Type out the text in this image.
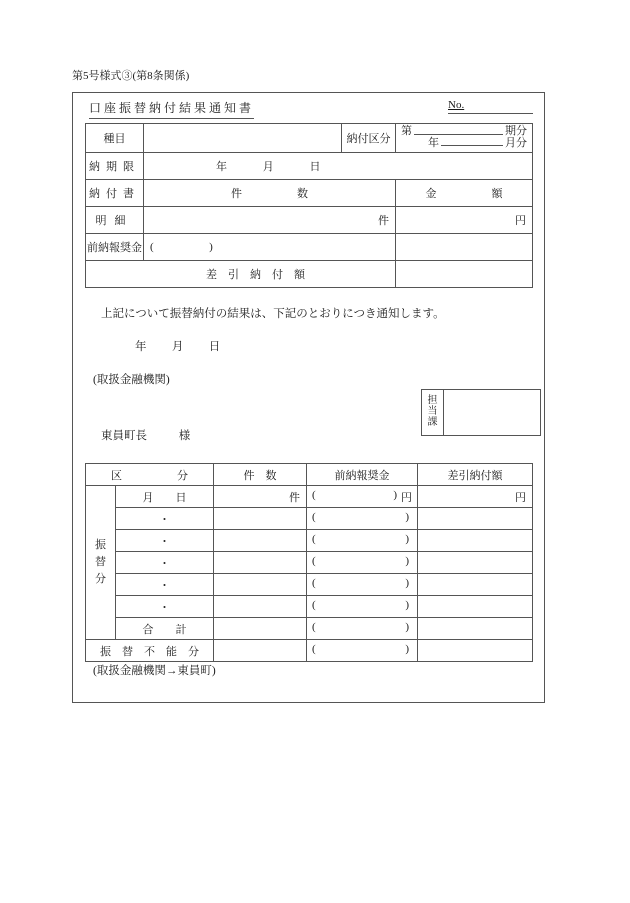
第5号様式③(第8条関係)
口座振替納付結果通知書	No.
種目		納付区分	第 期分
年 月分

納期限	年 月 日		
納付書	件　　　　　数		金　　　　　額
明細	件		円
前納報奨金	( )		
差　引　納　付　額			
上記について振替納付の結果は、下記のとおりにつき通知します。
年 月 日
(取扱金融機関)
東員町長	様
担
当
課

区　　　　　分		件　数	前納報奨金	差引納付額

振
替
分	月　　日	件	( ) 円	円
	・		( )	

	・		( )	

	・		( )	

	・		( )	

	・		( )	

	合　　計		( )	

振　替　不　能　分			( )	

(取扱金融機関→東員町)
